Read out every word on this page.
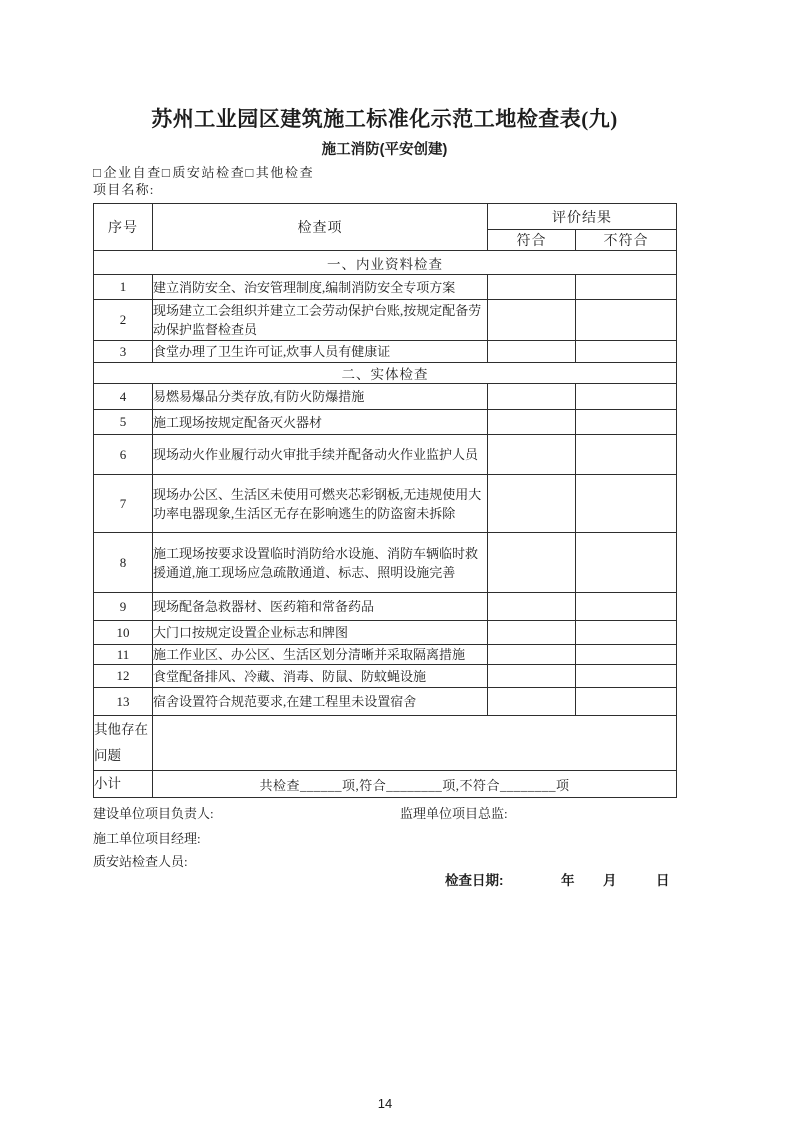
苏州工业园区建筑施工标准化示范工地检查表(九)
施工消防(平安创建)
□企业自查□质安站检查□其他检查
项目名称:
序号	检查项	评价结果	
		符合	不符合
一、内业资料检查			
1	建立消防安全、治安管理制度,编制消防安全专项方案		
2	现场建立工会组织并建立工会劳动保护台账,按规定配备劳动保护监督检查员		
3	食堂办理了卫生许可证,炊事人员有健康证		
二、实体检查			
4	易燃易爆品分类存放,有防火防爆措施		
5	施工现场按规定配备灭火器材		
6	现场动火作业履行动火审批手续并配备动火作业监护人员		
7	现场办公区、生活区未使用可燃夹芯彩钢板,无违规使用大功率电器现象,生活区无存在影响逃生的防盗窗未拆除		
8	施工现场按要求设置临时消防给水设施、消防车辆临时救援通道,施工现场应急疏散通道、标志、照明设施完善		
9	现场配备急救器材、医药箱和常备药品		
10	大门口按规定设置企业标志和牌图		
11	施工作业区、办公区、生活区划分清晰并采取隔离措施		
12	食堂配备排风、冷藏、消毒、防鼠、防蚊蝇设施		
13	宿舍设置符合规范要求,在建工程里未设置宿舍		
其他存在问题			
小计	共检查______项,符合________项,不符合________项		
建设单位项目负责人:	监理单位项目总监:
施工单位项目经理:
质安站检查人员:
检查日期:	年 月	日
14
